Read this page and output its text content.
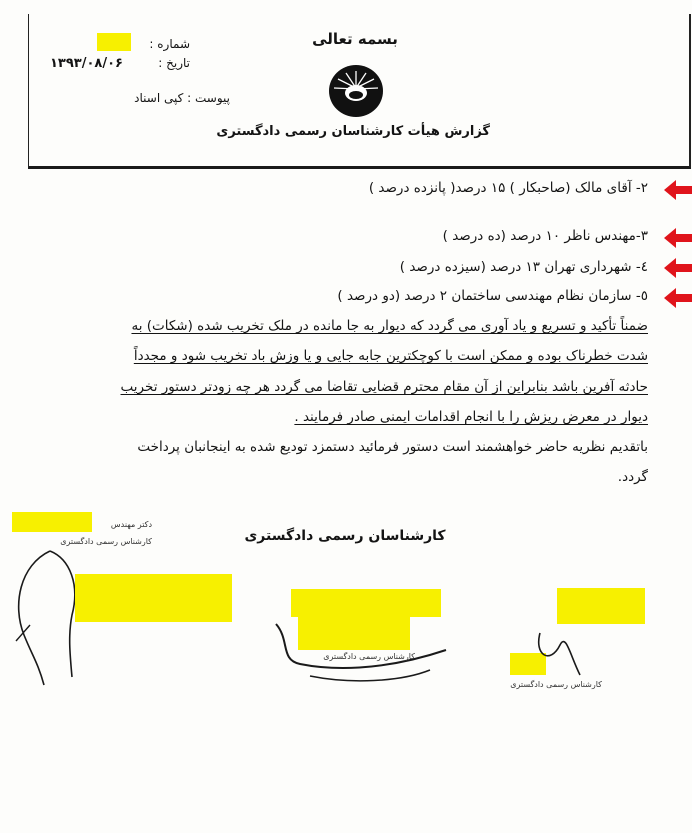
بسمه تعالی
شماره :
تاریخ :
۱۳۹۳/۰۸/۰۶
پیوست : کپی اسناد
گزارش هیأت کارشناسان رسمی دادگستری
۲- آقای مالک (صاحبکار ) ۱۵ درصد( پانزده درصد )
۳-مهندس ناظر ۱۰ درصد (ده درصد )
٤- شهرداری تهران ۱۳ درصد (سیزده درصد )
٥- سازمان نظام مهندسی ساختمان ۲ درصد (دو درصد )
ضمناً تأکید و تسریع و یاد آوری می گردد که دیوار به جا مانده در ملک تخریب شده (شکات) به
شدت خطرناک بوده و ممکن است با کوچکترین جابه جایی و یا وزش باد تخریب شود و مجدداً
حادثه آفرین باشد بنابراین از آن مقام محترم قضایی تقاضا می گردد هر چه زودتر دستور تخریب
دیوار در معرض ریزش را با انجام اقدامات ایمنی صادر فرمایند .
باتقدیم نظریه حاضر خواهشمند است دستور فرمائید دستمزد تودیع شده به اینجانبان پرداخت
گردد.
کارشناسان رسمی دادگستری
دکتر مهندس
کارشناس رسمی دادگستری
کارشناس رسمی دادگستری
کارشناس رسمی دادگستری
